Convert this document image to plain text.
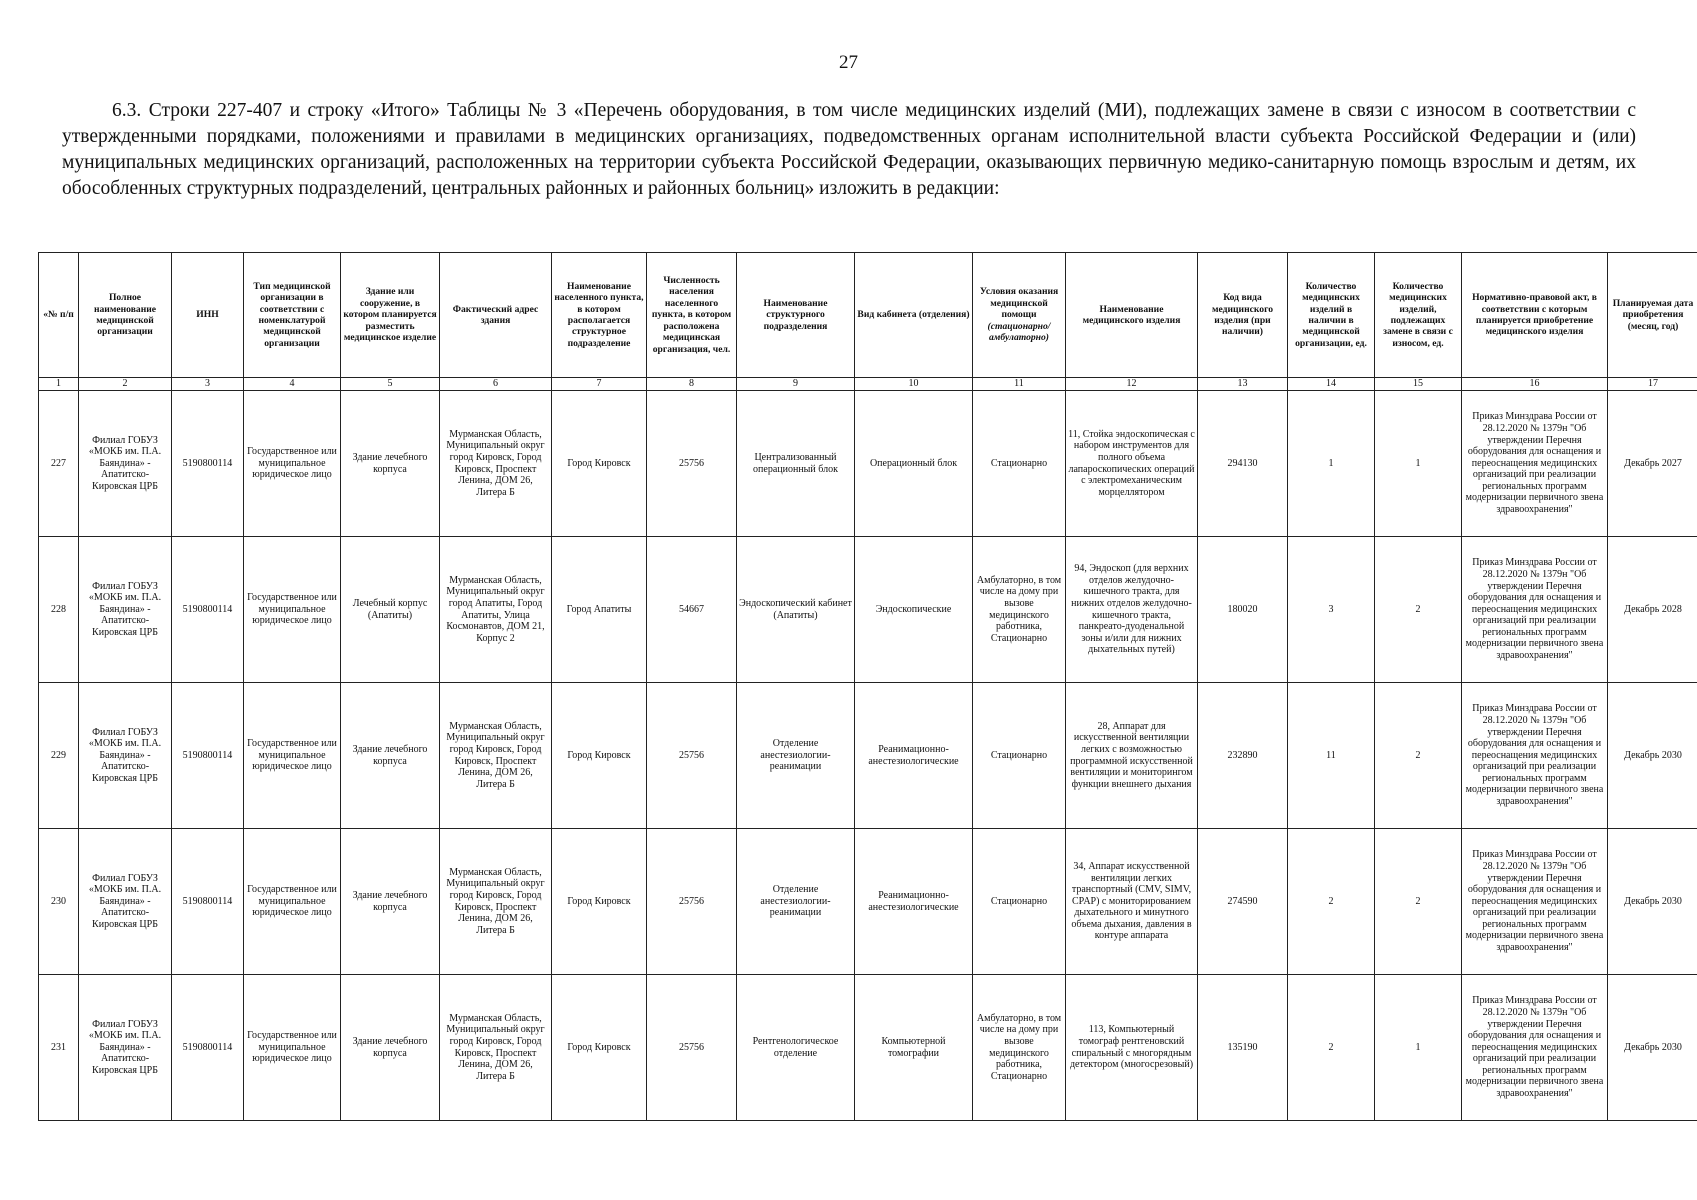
27

6.3. Строки 227-407 и строку «Итого» Таблицы № 3 «Перечень оборудования, в том числе медицинских изделий (МИ), подлежащих замене в связи с износом в соответствии с утвержденными порядками, положениями и правилами в медицинских организациях, подведомственных органам исполнительной власти субъекта Российской Федерации и (или) муниципальных медицинских организаций, расположенных на территории субъекта Российской Федерации, оказывающих первичную медико-санитарную помощь взрослым и детям, их обособленных структурных подразделений, центральных районных и районных больниц» изложить в редакции:

«№ п/п	Полное наименование медицинской организации	ИНН	Тип медицинской организации в соответствии с номенклатурой медицинской организации	Здание или сооружение, в котором планируется разместить медицинское изделие	Фактический адрес здания	Наименование населенного пункта, в котором располагается структурное подразделение	Численность населения населенного пункта, в котором расположена медицинская организация, чел.	Наименование структурного подразделения	Вид кабинета (отделения)	Условия оказания медицинской помощи (стационарно/ амбулаторно)	Наименование медицинского изделия	Код вида медицинского изделия (при наличии)	Количество медицинских изделий в наличии в медицинской организации, ед.	Количество медицинских изделий, подлежащих замене в связи с износом, ед.	Нормативно-правовой акт, в соответствии с которым планируется приобретение медицинского изделия	Планируемая дата приобретения (месяц, год)
1	2	3	4	5	6	7	8	9	10	11	12	13	14	15	16	17
227	Филиал ГОБУЗ «МОКБ им. П.А. Баяндина» - Апатитско-Кировская ЦРБ	5190800114	Государственное или муниципальное юридическое лицо	Здание лечебного корпуса	Мурманская Область, Муниципальный округ город Кировск, Город Кировск, Проспект Ленина, ДОМ 26, Литера Б	Город Кировск	25756	Централизованный операционный блок	Операционный блок	Стационарно	11, Стойка эндоскопическая с набором инструментов для полного объема лапароскопических операций с электромеханическим морцеллятором	294130	1	1	Приказ Минздрава России от 28.12.2020 № 1379н "Об утверждении Перечня оборудования для оснащения и переоснащения медицинских организаций при реализации региональных программ модернизации первичного звена здравоохранения"	Декабрь 2027
228	Филиал ГОБУЗ «МОКБ им. П.А. Баяндина» - Апатитско-Кировская ЦРБ	5190800114	Государственное или муниципальное юридическое лицо	Лечебный корпус (Апатиты)	Мурманская Область, Муниципальный округ город Апатиты, Город Апатиты, Улица Космонавтов, ДОМ 21, Корпус 2	Город Апатиты	54667	Эндоскопический кабинет (Апатиты)	Эндоскопические	Амбулаторно, в том числе на дому при вызове медицинского работника, Стационарно	94, Эндоскоп (для верхних отделов желудочно- кишечного тракта, для нижних отделов желудочно-кишечного тракта, панкреато-дуоденальной зоны и/или для нижних дыхательных путей)	180020	3	2	Приказ Минздрава России от 28.12.2020 № 1379н "Об утверждении Перечня оборудования для оснащения и переоснащения медицинских организаций при реализации региональных программ модернизации первичного звена здравоохранения"	Декабрь 2028
229	Филиал ГОБУЗ «МОКБ им. П.А. Баяндина» - Апатитско-Кировская ЦРБ	5190800114	Государственное или муниципальное юридическое лицо	Здание лечебного корпуса	Мурманская Область, Муниципальный округ город Кировск, Город Кировск, Проспект Ленина, ДОМ 26, Литера Б	Город Кировск	25756	Отделение анестезиологии-реанимации	Реанимационно-анестезиологические	Стационарно	28, Аппарат для искусственной вентиляции легких с возможностью программной искусственной вентиляции и мониторингом функции внешнего дыхания	232890	11	2	Приказ Минздрава России от 28.12.2020 № 1379н "Об утверждении Перечня оборудования для оснащения и переоснащения медицинских организаций при реализации региональных программ модернизации первичного звена здравоохранения"	Декабрь 2030
230	Филиал ГОБУЗ «МОКБ им. П.А. Баяндина» - Апатитско-Кировская ЦРБ	5190800114	Государственное или муниципальное юридическое лицо	Здание лечебного корпуса	Мурманская Область, Муниципальный округ город Кировск, Город Кировск, Проспект Ленина, ДОМ 26, Литера Б	Город Кировск	25756	Отделение анестезиологии-реанимации	Реанимационно-анестезиологические	Стационарно	34, Аппарат искусственной вентиляции легких транспортный (CMV, SIMV, CPAP) с мониторированием дыхательного и минутного объема дыхания, давления в контуре аппарата	274590	2	2	Приказ Минздрава России от 28.12.2020 № 1379н "Об утверждении Перечня оборудования для оснащения и переоснащения медицинских организаций при реализации региональных программ модернизации первичного звена здравоохранения"	Декабрь 2030
231	Филиал ГОБУЗ «МОКБ им. П.А. Баяндина» - Апатитско-Кировская ЦРБ	5190800114	Государственное или муниципальное юридическое лицо	Здание лечебного корпуса	Мурманская Область, Муниципальный округ город Кировск, Город Кировск, Проспект Ленина, ДОМ 26, Литера Б	Город Кировск	25756	Рентгенологическое отделение	Компьютерной томографии	Амбулаторно, в том числе на дому при вызове медицинского работника, Стационарно	113, Компьютерный томограф рентгеновский спиральный с многорядным детектором (многосрезовый)	135190	2	1	Приказ Минздрава России от 28.12.2020 № 1379н "Об утверждении Перечня оборудования для оснащения и переоснащения медицинских организаций при реализации региональных программ модернизации первичного звена здравоохранения"	Декабрь 2030
